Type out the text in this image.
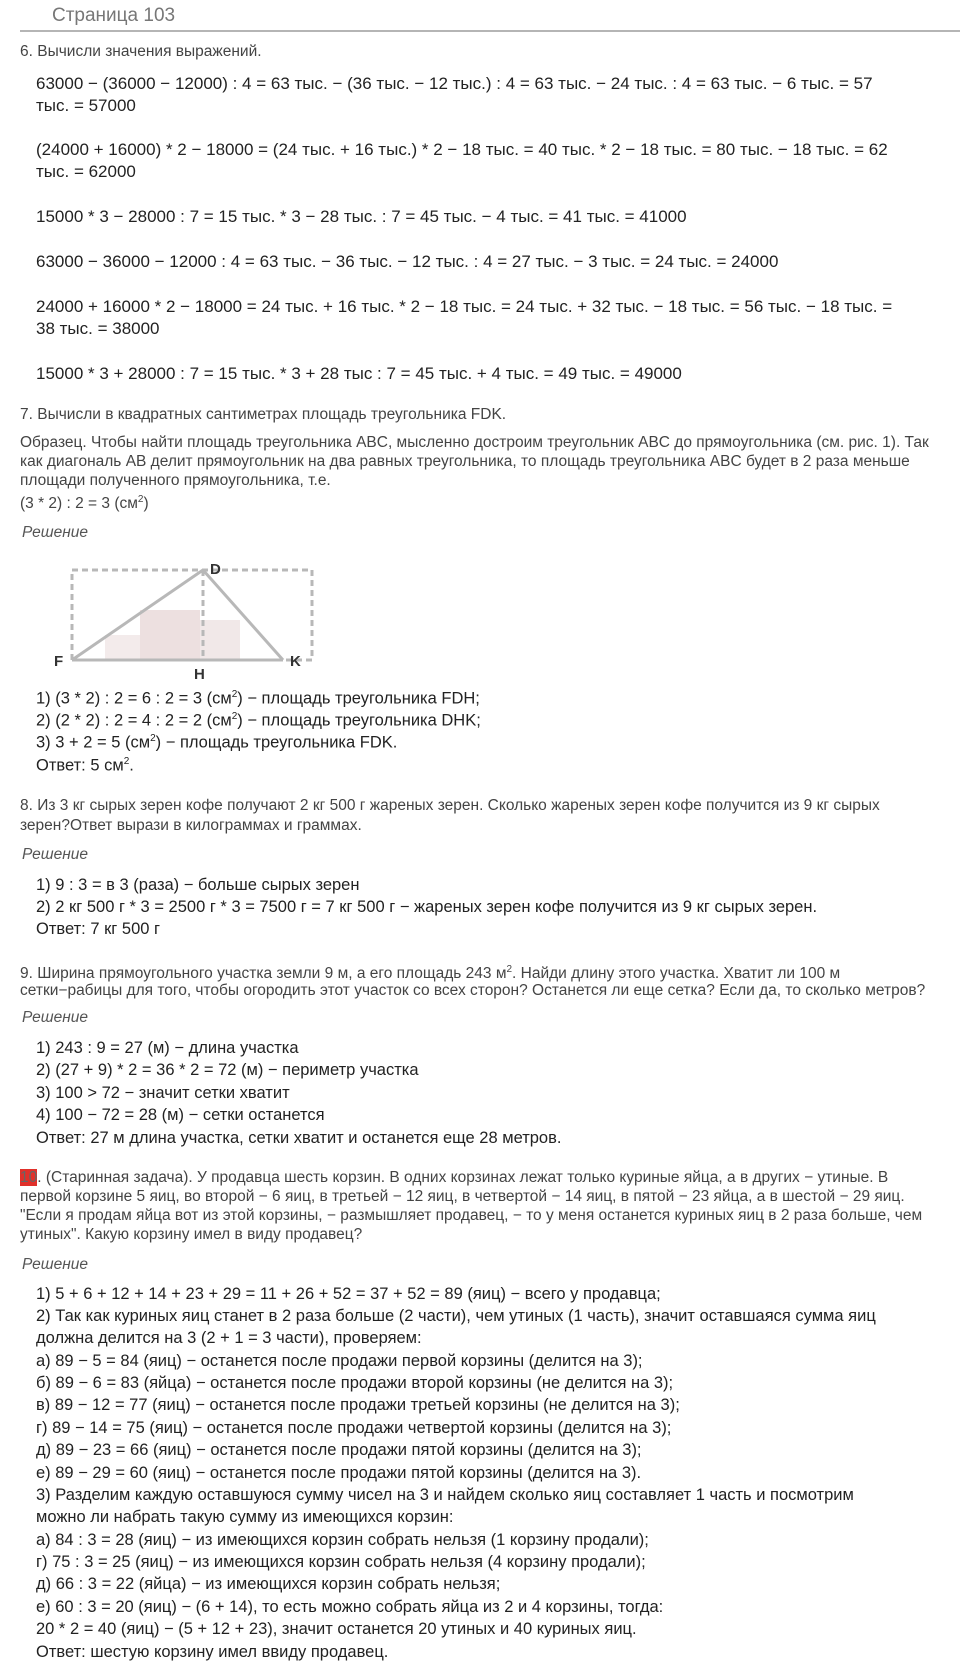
Страница 103
6. Вычисли значения выражений.
63000 − (36000 − 12000) : 4 = 63 тыс. − (36 тыс. − 12 тыс.) : 4 = 63 тыс. − 24 тыс. : 4 = 63 тыс. − 6 тыс. = 57
тыс. = 57000
(24000 + 16000) * 2 − 18000 = (24 тыс. + 16 тыс.) * 2 − 18 тыс. = 40 тыс. * 2 − 18 тыс. = 80 тыс. − 18 тыс. = 62
тыс. = 62000
15000 * 3 − 28000 : 7 = 15 тыс. * 3 − 28 тыс. : 7 = 45 тыс. − 4 тыс. = 41 тыс. = 41000
63000 − 36000 − 12000 : 4 = 63 тыс. − 36 тыс. − 12 тыс. : 4 = 27 тыс. − 3 тыс. = 24 тыс. = 24000
24000 + 16000 * 2 − 18000 = 24 тыс. + 16 тыс. * 2 − 18 тыс. = 24 тыс. + 32 тыс. − 18 тыс. = 56 тыс. − 18 тыс. =
38 тыс. = 38000
15000 * 3 + 28000 : 7 = 15 тыс. * 3 + 28 тыс : 7 = 45 тыс. + 4 тыс. = 49 тыс. = 49000
7. Вычисли в квадратных сантиметрах площадь треугольника FDK.
Образец. Чтобы найти площадь треугольника ABC, мысленно достроим треугольник ABC до прямоугольника (см. рис. 1). Так
как диагональ AB делит прямоугольник на два равных треугольника, то площадь треугольника ABC будет в 2 раза меньше
площади полученного прямоугольника, т.е.
(3 * 2) : 2 = 3 $(см^2)$
Решение
F
D
H
K
1) (3 * 2) : 2 = 6 : 2 = 3 $(см^2)$ − площадь треугольника FDH;
2) (2 * 2) : 2 = 4 : 2 = 2 $(см^2)$ − площадь треугольника DHK;
3) 3 + 2 = 5 $(см^2)$ − площадь треугольника FDK.
Ответ: 5 $см^2$.
8. Из 3 кг сырых зерен кофе получают 2 кг 500 г жареных зерен. Сколько жареных зерен кофе получится из 9 кг сырых
зерен?Ответ вырази в килограммах и граммах.
Решение
1) 9 : 3 = в 3 (раза) − больше сырых зерен
2) 2 кг 500 г * 3 = 2500 г * 3 = 7500 г = 7 кг 500 г − жареных зерен кофе получится из 9 кг сырых зерен.
Ответ: 7 кг 500 г
9. Ширина прямоугольного участка земли 9 м, а его площадь 243 $м^2$. Найди длину этого участка. Хватит ли 100 м
сетки−рабицы для того, чтобы огородить этот участок со всех сторон? Останется ли еще сетка? Если да, то сколько метров?
Решение
1) 243 : 9 = 27 (м) − длина участка
2) (27 + 9) * 2 = 36 * 2 = 72 (м) − периметр участка
3) 100 > 72 − значит сетки хватит
4) 100 − 72 = 28 (м) − сетки останется
Ответ: 27 м длина участка, сетки хватит и останется еще 28 метров.
10. (Старинная задача). У продавца шесть корзин. В одних корзинах лежат только куриные яйца, а в других − утиные. В
первой корзине 5 яиц, во второй − 6 яиц, в третьей − 12 яиц, в четвертой − 14 яиц, в пятой − 23 яйца, а в шестой − 29 яиц.
"Если я продам яйца вот из этой корзины, − размышляет продавец, − то у меня останется куриных яиц в 2 раза больше, чем
утиных". Какую корзину имел в виду продавец?
Решение
1) 5 + 6 + 12 + 14 + 23 + 29 = 11 + 26 + 52 = 37 + 52 = 89 (яиц) − всего у продавца;
2) Так как куриных яиц станет в 2 раза больше (2 части), чем утиных (1 часть), значит оставшаяся сумма яиц
должна делится на 3 (2 + 1 = 3 части), проверяем:
а) 89 − 5 = 84 (яиц) − останется после продажи первой корзины (делится на 3);
б) 89 − 6 = 83 (яйца) − останется после продажи второй корзины (не делится на 3);
в) 89 − 12 = 77 (яиц) − останется после продажи третьей корзины (не делится на 3);
г) 89 − 14 = 75 (яиц) − останется после продажи четвертой корзины (делится на 3);
д) 89 − 23 = 66 (яиц) − останется после продажи пятой корзины (делится на 3);
е) 89 − 29 = 60 (яиц) − останется после продажи пятой корзины (делится на 3).
3) Разделим каждую оставшуюся сумму чисел на 3 и найдем сколько яиц составляет 1 часть и посмотрим
можно ли набрать такую сумму из имеющихся корзин:
а) 84 : 3 = 28 (яиц) − из имеющихся корзин собрать нельзя (1 корзину продали);
г) 75 : 3 = 25 (яиц) − из имеющихся корзин собрать нельзя (4 корзину продали);
д) 66 : 3 = 22 (яйца) − из имеющихся корзин собрать нельзя;
е) 60 : 3 = 20 (яиц) − (6 + 14), то есть можно собрать яйца из 2 и 4 корзины, тогда:
20 * 2 = 40 (яиц) − (5 + 12 + 23), значит останется 20 утиных и 40 куриных яиц.
Ответ: шестую корзину имел ввиду продавец.
